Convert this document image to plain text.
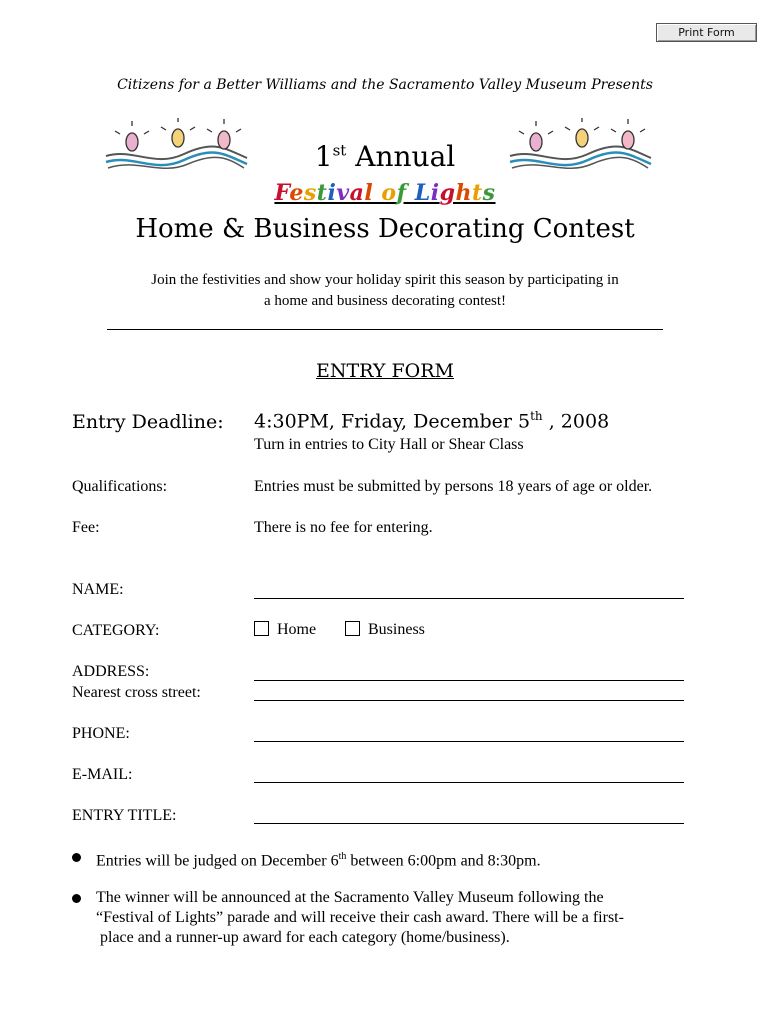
Print Form
Citizens for a Better Williams and the Sacramento Valley Museum Presents
1st Annual
Festival of Lights
Home & Business Decorating Contest
Join the festivities and show your holiday spirit this season by participating in
a home and business decorating contest!
ENTRY FORM
Entry Deadline: 4:30PM, Friday, December 5th , 2008
Turn in entries to City Hall or Shear Class
Qualifications:	Entries must be submitted by persons 18 years of age or older.
Fee:	There is no fee for entering.
NAME:
CATEGORY:	Home	Business
ADDRESS:
Nearest cross street:
PHONE:
E-MAIL:
ENTRY TITLE:
Entries will be judged on December 6th between 6:00pm and 8:30pm.
The winner will be announced at the Sacramento Valley Museum following the
“Festival of Lights” parade and will receive their cash award. There will be a first-
place and a runner-up award for each category (home/business).
